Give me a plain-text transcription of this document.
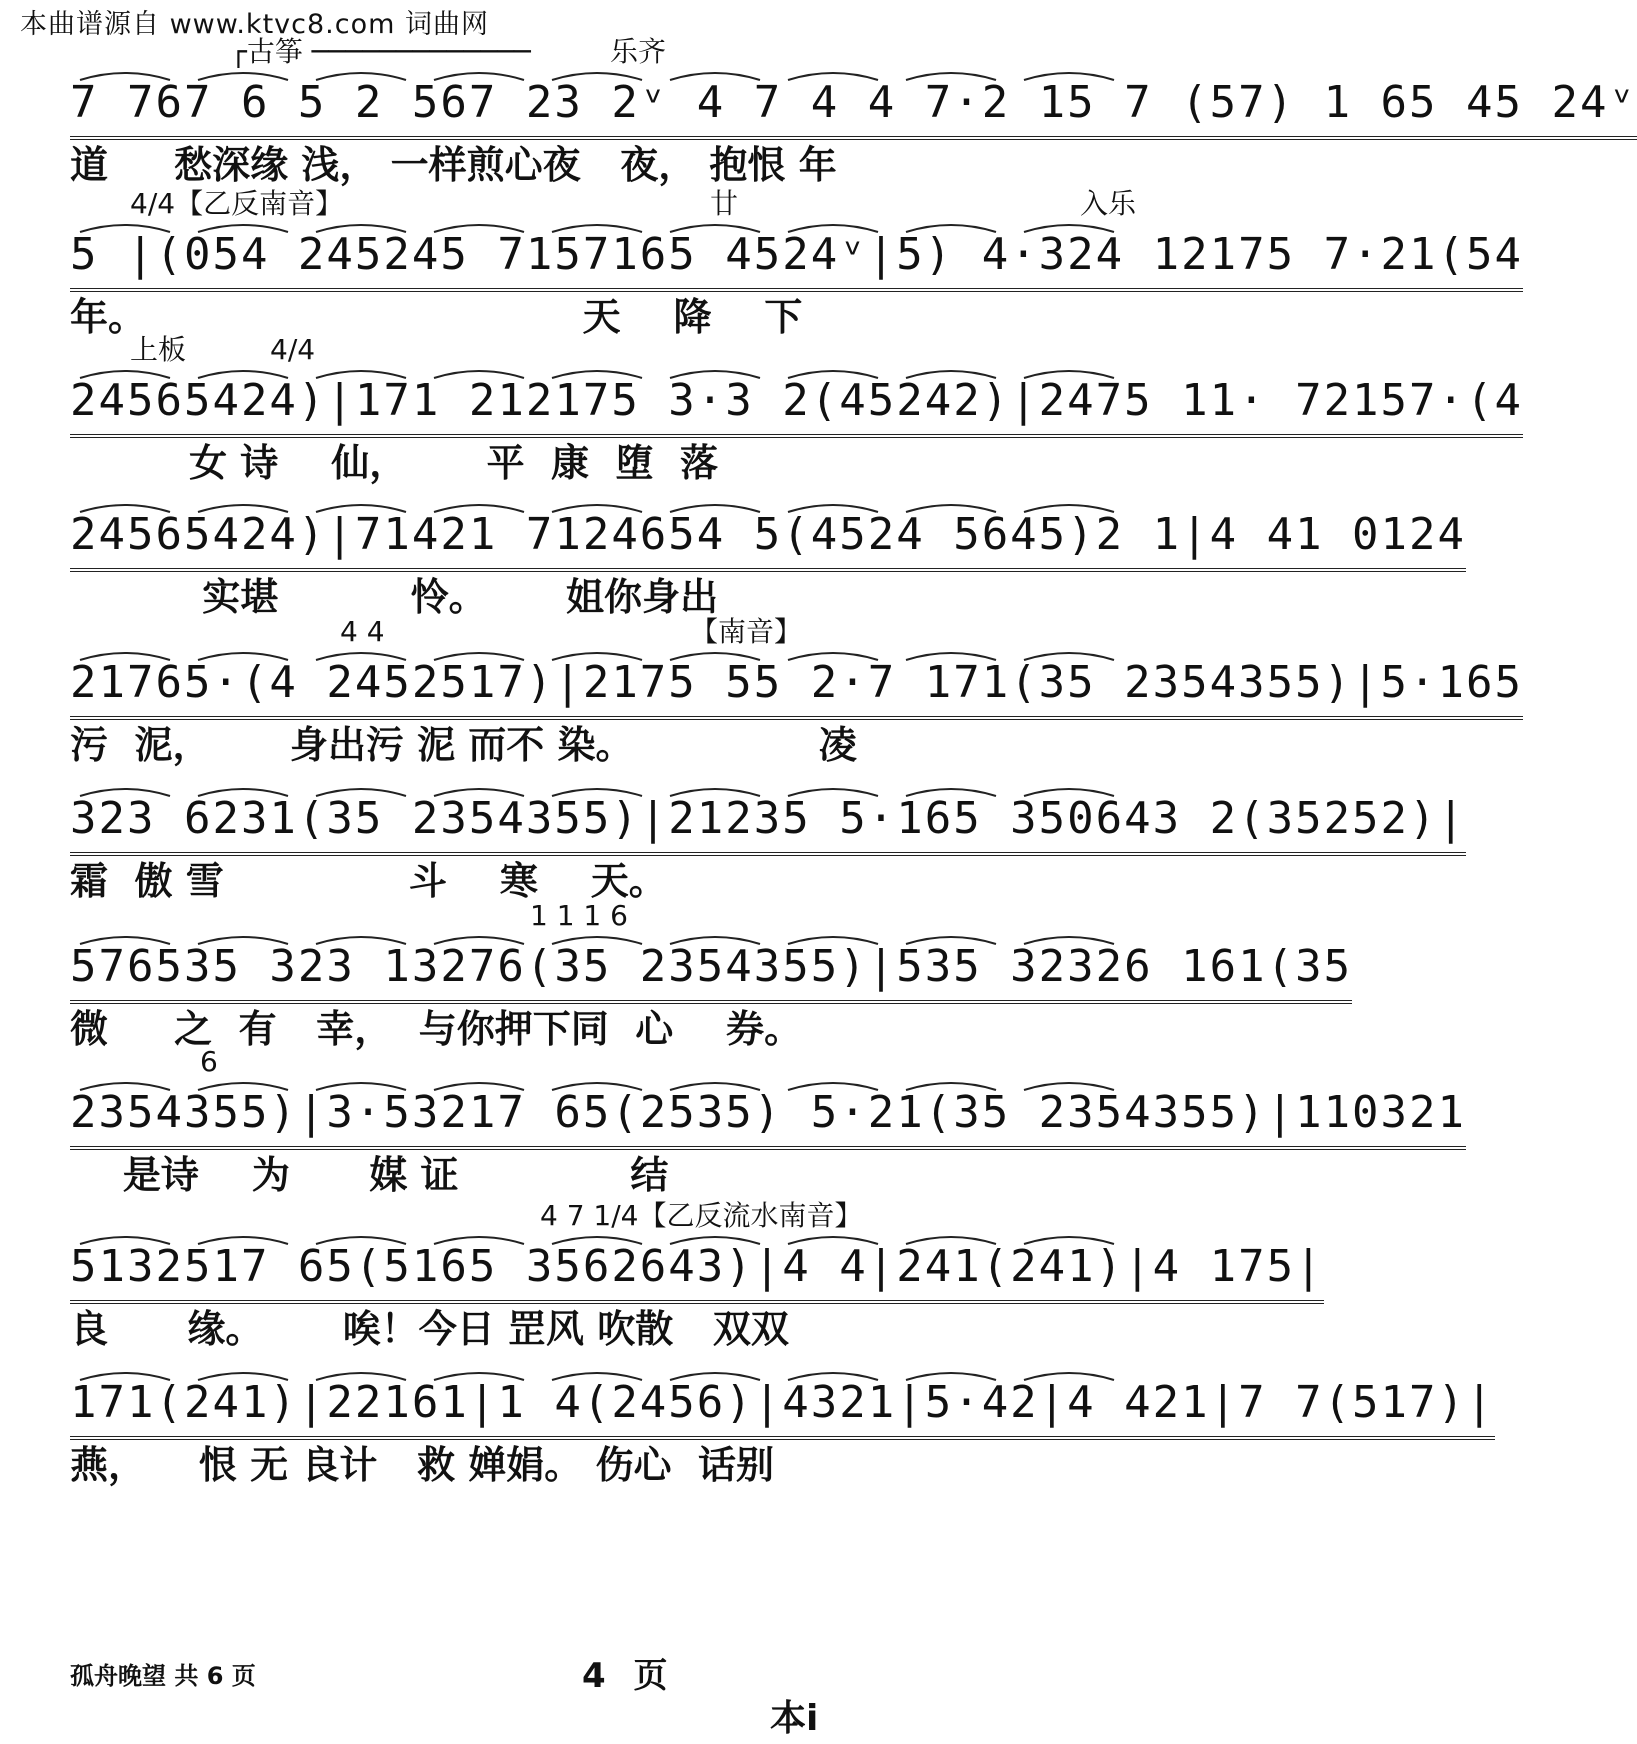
本曲谱源自 www.ktvc8.com 词曲网
7 767 6 5 2 567 23 2ᵛ 4 7 4 4 7·2 15 7 (57) 1 65 45 24ᵛ
道     愁深缘 浅， 一样煎心夜   夜， 抱恨 年
┌古筝 ─────────────	乐齐
5 |(054 245245 7157165 4524ᵛ|5) 4·324 12175 7·21(54
年。                                 天    降    下
4/4【乙反南音】	廿	入乐
24565424)|171 212175 3·3 2(45242)|2475 11· 72157·(4
女 诗    仙，      平  康  堕  落
上板	4/4
24565424)|71421 7124654 5(4524 5645)2 1|4 41 0124
实堪          怜。      姐你身出
21765·(4 2452517)|2175 55 2·7 171(35 2354355)|5·165
污  泥，      身出污 泥 而不 染。              凌
4 4	【南音】
323 6231(35 2354355)|21235 5·165 350643 2(35252)|
霜  傲 雪              斗    寒    天。
576535 323 13276(35 2354355)|535 32326 161(35
微     之  有   幸，  与你押下同  心    券。
1 1 1 6
2354355)|3·53217 65(2535) 5·21(35 2354355)|110321
是诗    为      媒 证             结
6
5132517 65(5165 3562643)|4 4|241(241)|4 175|
良      缘。      唉！今日 罡风 吹散   双双
4 7 1/4【乙反流水南音】
171(241)|22161|1 4(2456)|4321|5·42|4 421|7 7(517)|
燕，    恨 无 良计   救 婵娟。 伤心  话别
孤舟晚望 共 6 页	4 页
本i
